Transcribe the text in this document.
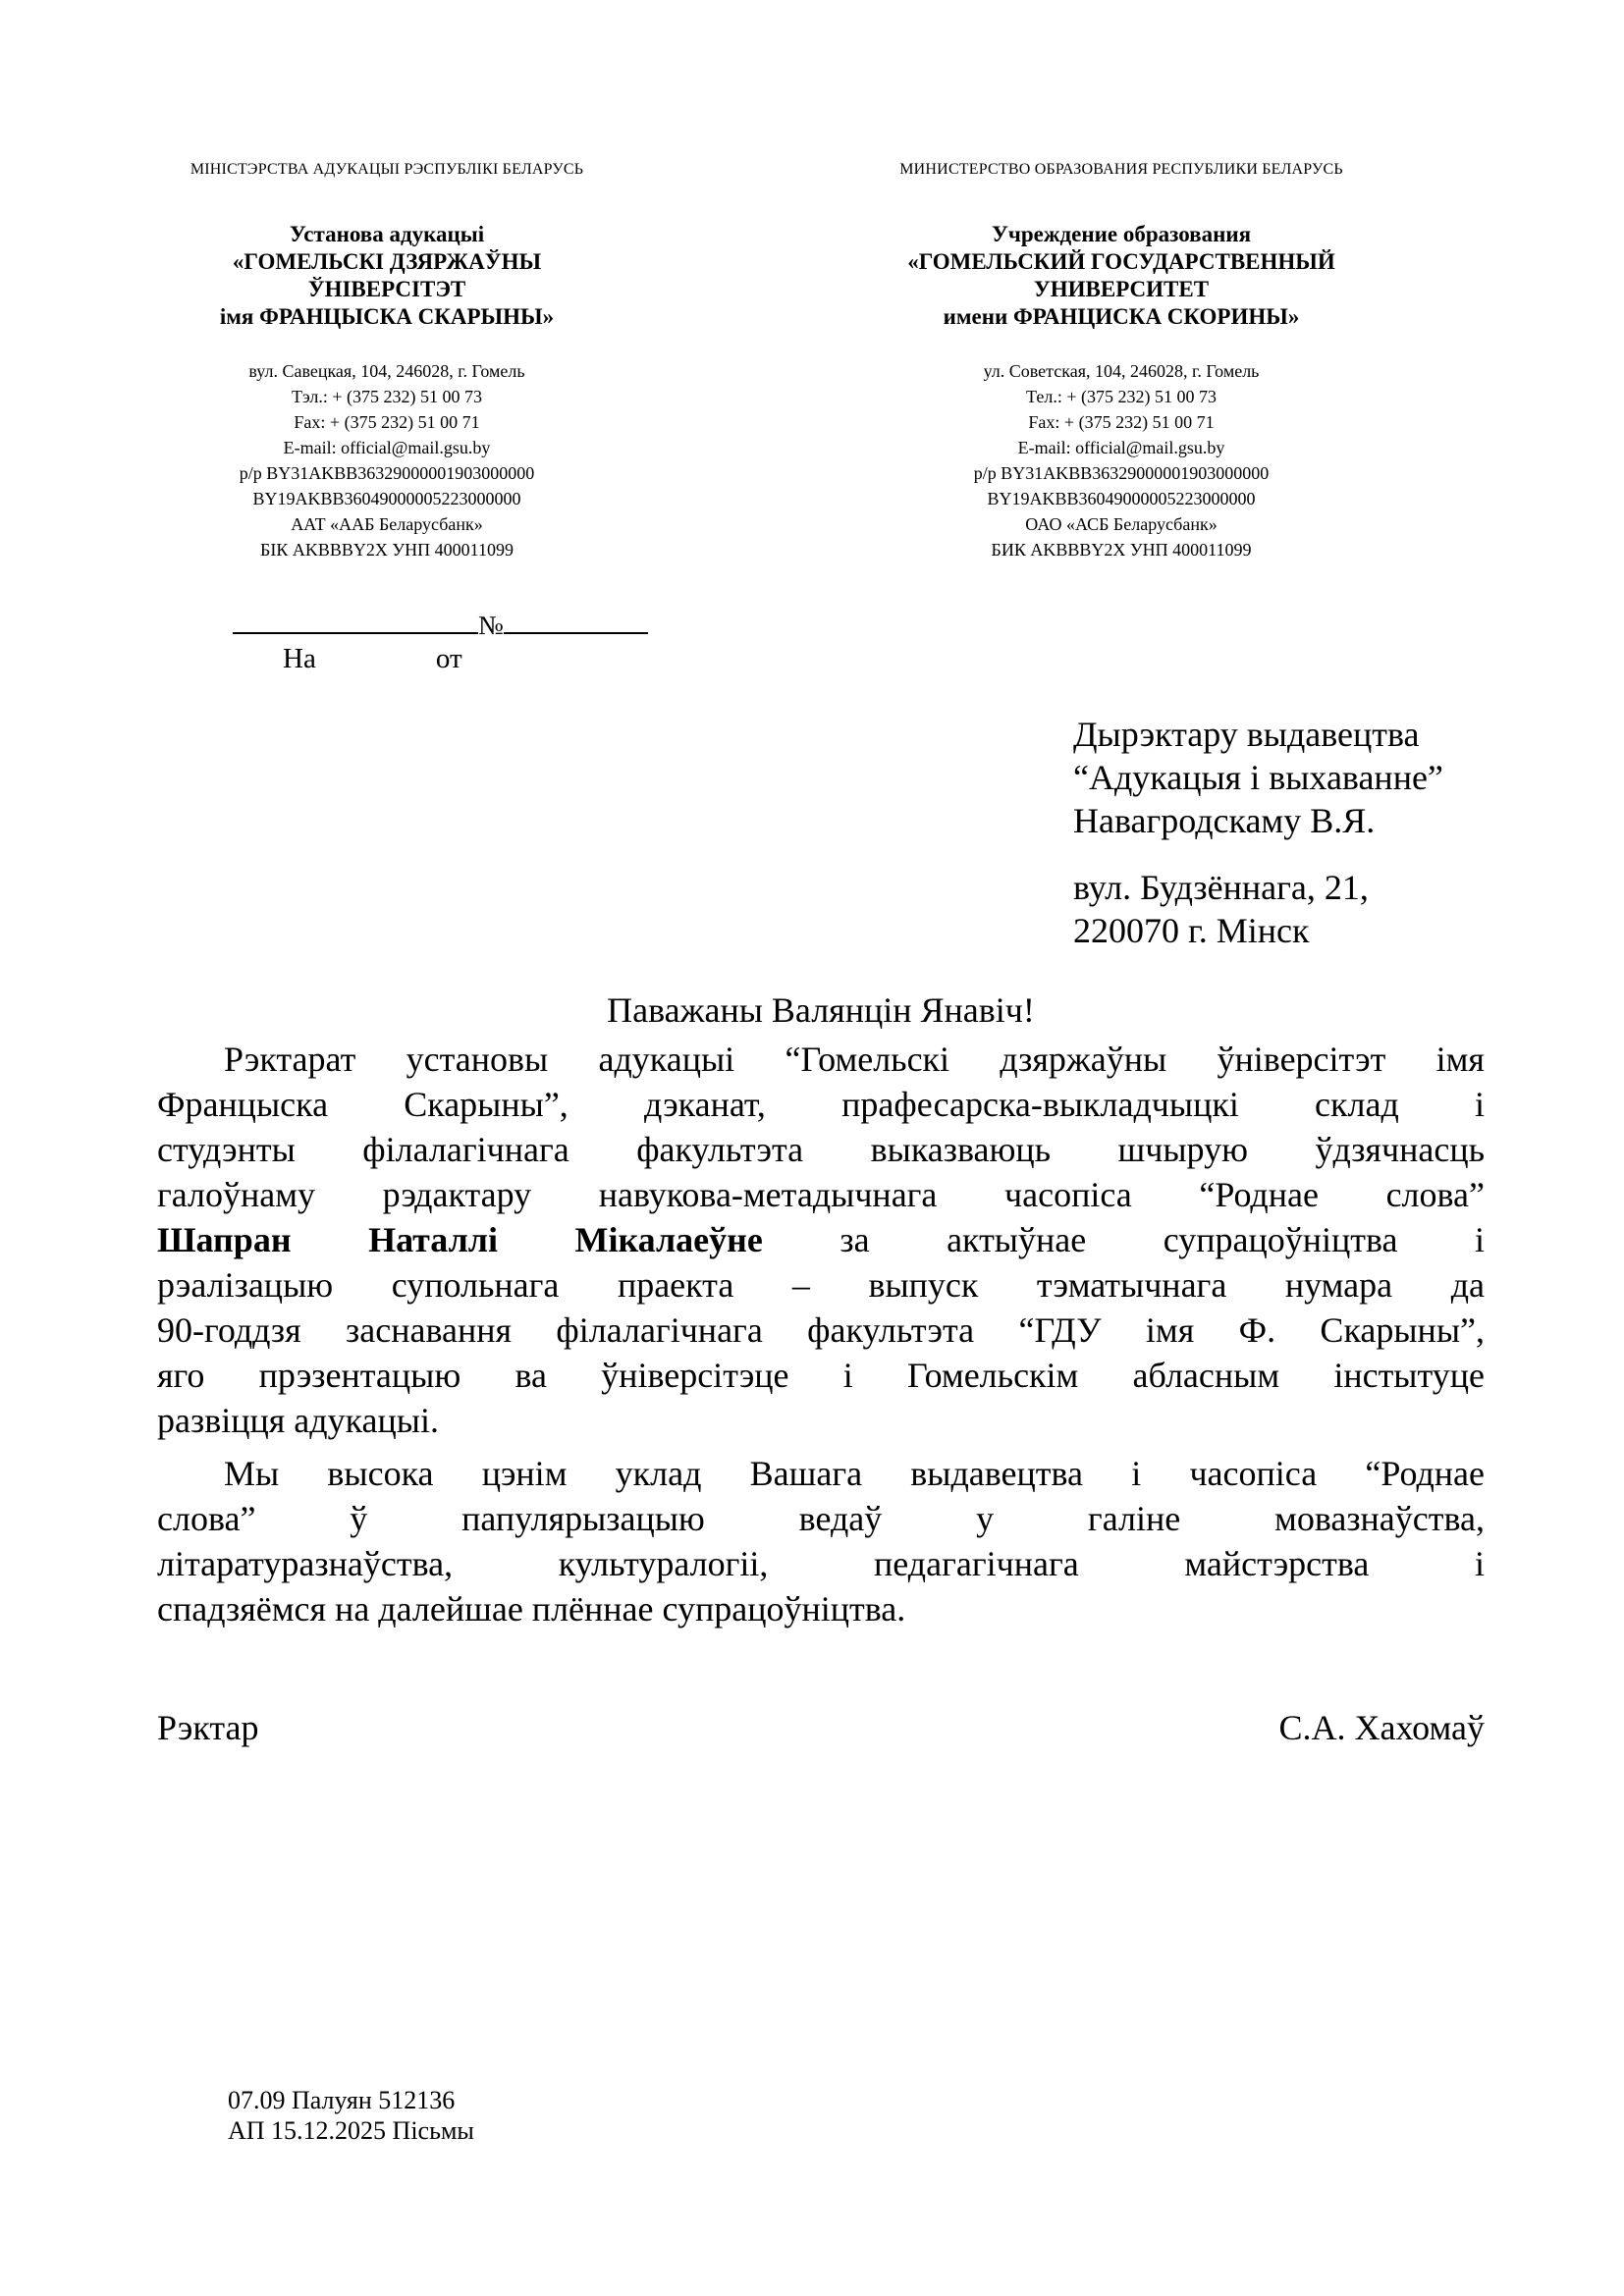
МІНІСТЭРСТВА АДУКАЦЫІ РЭСПУБЛІКІ БЕЛАРУСЬ
Установа адукацыі
«ГОМЕЛЬСКІ ДЗЯРЖАЎНЫ
ЎНІВЕРСІТЭТ
імя ФРАНЦЫСКА СКАРЫНЫ»
вул. Савецкая, 104, 246028, г. Гомель
Тэл.: + (375 232) 51 00 73
Fax: + (375 232) 51 00 71
E-mail: official@mail.gsu.by
p/p BY31AKBB36329000001903000000
BY19AKBB36049000005223000000
ААТ «ААБ Беларусбанк»
БІК AKBBBY2X УНП 400011099
МИНИСТЕРСТВО ОБРАЗОВАНИЯ РЕСПУБЛИКИ БЕЛАРУСЬ
Учреждение образования
«ГОМЕЛЬСКИЙ ГОСУДАРСТВЕННЫЙ
УНИВЕРСИТЕТ
имени ФРАНЦИСКА СКОРИНЫ»
ул. Советская, 104, 246028, г. Гомель
Тел.: + (375 232) 51 00 73
Fax: + (375 232) 51 00 71
E-mail: official@mail.gsu.by
p/p BY31AKBB36329000001903000000
BY19AKBB36049000005223000000
ОАО «АСБ Беларусбанк»
БИК AKBBBY2X УНП 400011099
№
На	от
Дырэктару выдавецтва
“Адукацыя і выхаванне”
Навагродскаму В.Я.
вул. Будзённага, 21,
220070 г. Мінск
Паважаны Валянцін Янавіч!
Рэктарат установы адукацыі “Гомельскі дзяржаўны ўніверсітэт імя
Францыска Скарыны”, дэканат, прафесарска-выкладчыцкі склад і
студэнты філалагічнага факультэта выказваюць шчырую ўдзячнасць
галоўнаму рэдактару навукова-метадычнага часопіса “Роднае слова”
Шапран Наталлі Мікалаеўне за актыўнае супрацоўніцтва і
рэалізацыю супольнага праекта – выпуск тэматычнага нумара да
90-годдзя заснавання філалагічнага факультэта “ГДУ імя Ф. Скарыны”,
яго прэзентацыю ва ўніверсітэце і Гомельскім абласным інстытуце
развіцця адукацыі.
Мы высока цэнім уклад Вашага выдавецтва і часопіса “Роднае
слова” ў папулярызацыю ведаў у галіне мовазнаўства,
літаратуразнаўства, культуралогіі, педагагічнага майстэрства і
спадзяёмся на далейшае плённае супрацоўніцтва.
Рэктар	С.А. Хахомаў
07.09 Палуян 512136
АП 15.12.2025 Пісьмы
